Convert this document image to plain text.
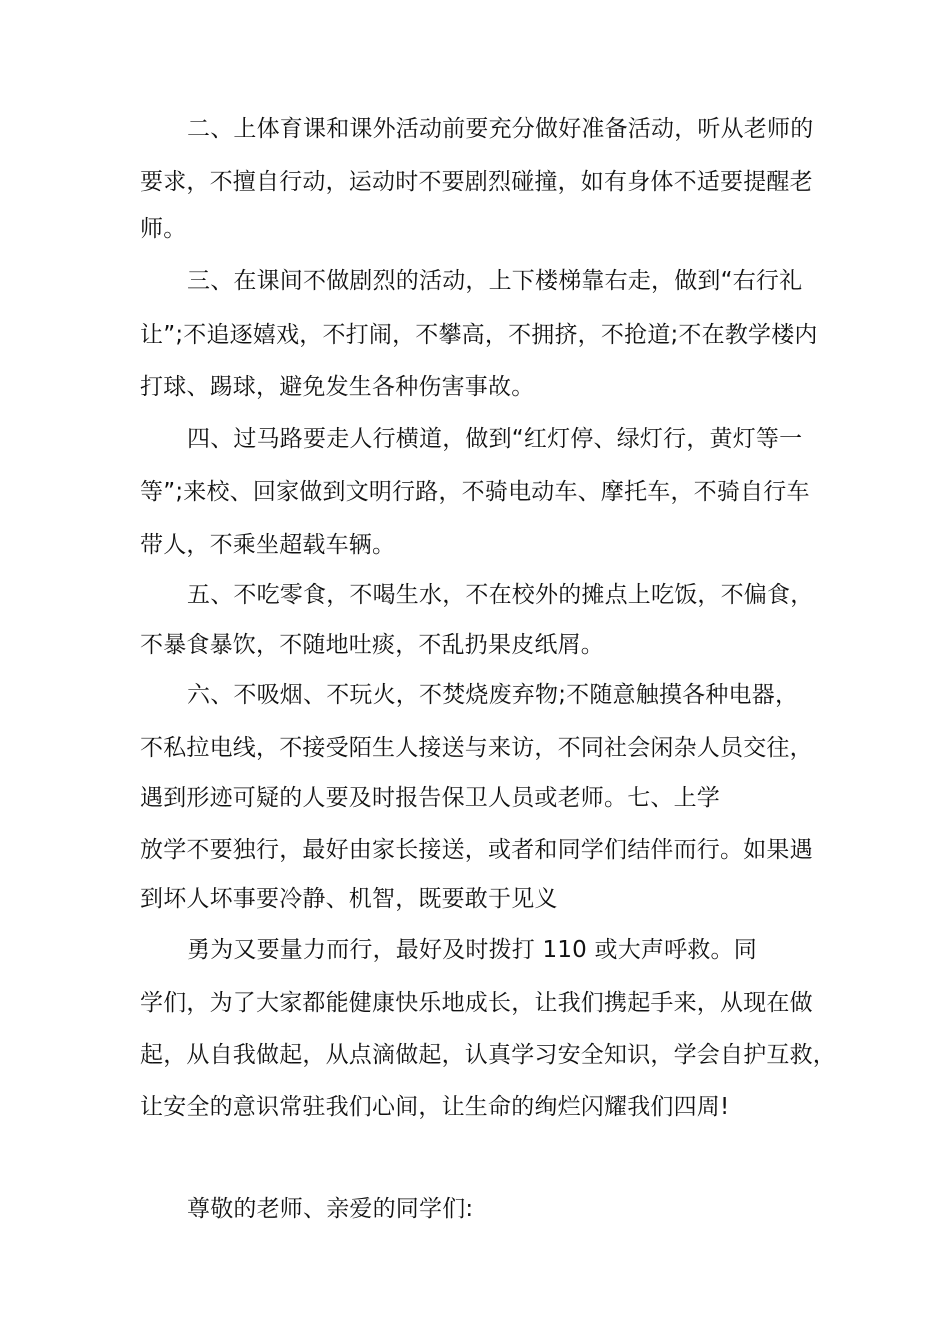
二、上体育课和课外活动前要充分做好准备活动，听从老师的
要求，不擅自行动，运动时不要剧烈碰撞，如有身体不适要提醒老
师。
三、在课间不做剧烈的活动，上下楼梯靠右走，做到“右行礼
让”;不追逐嬉戏，不打闹，不攀高，不拥挤，不抢道;不在教学楼内
打球、踢球，避免发生各种伤害事故。
四、过马路要走人行横道，做到“红灯停、绿灯行，黄灯等一
等”;来校、回家做到文明行路，不骑电动车、摩托车，不骑自行车
带人，不乘坐超载车辆。
五、不吃零食，不喝生水，不在校外的摊点上吃饭，不偏食，
不暴食暴饮，不随地吐痰，不乱扔果皮纸屑。
六、不吸烟、不玩火，不焚烧废弃物;不随意触摸各种电器，
不私拉电线，不接受陌生人接送与来访，不同社会闲杂人员交往，
遇到形迹可疑的人要及时报告保卫人员或老师。七、上学
放学不要独行，最好由家长接送，或者和同学们结伴而行。如果遇
到坏人坏事要冷静、机智，既要敢于见义
勇为又要量力而行，最好及时拨打 110 或大声呼救。同
学们，为了大家都能健康快乐地成长，让我们携起手来，从现在做
起，从自我做起，从点滴做起，认真学习安全知识，学会自护互救，
让安全的意识常驻我们心间，让生命的绚烂闪耀我们四周!
尊敬的老师、亲爱的同学们:
